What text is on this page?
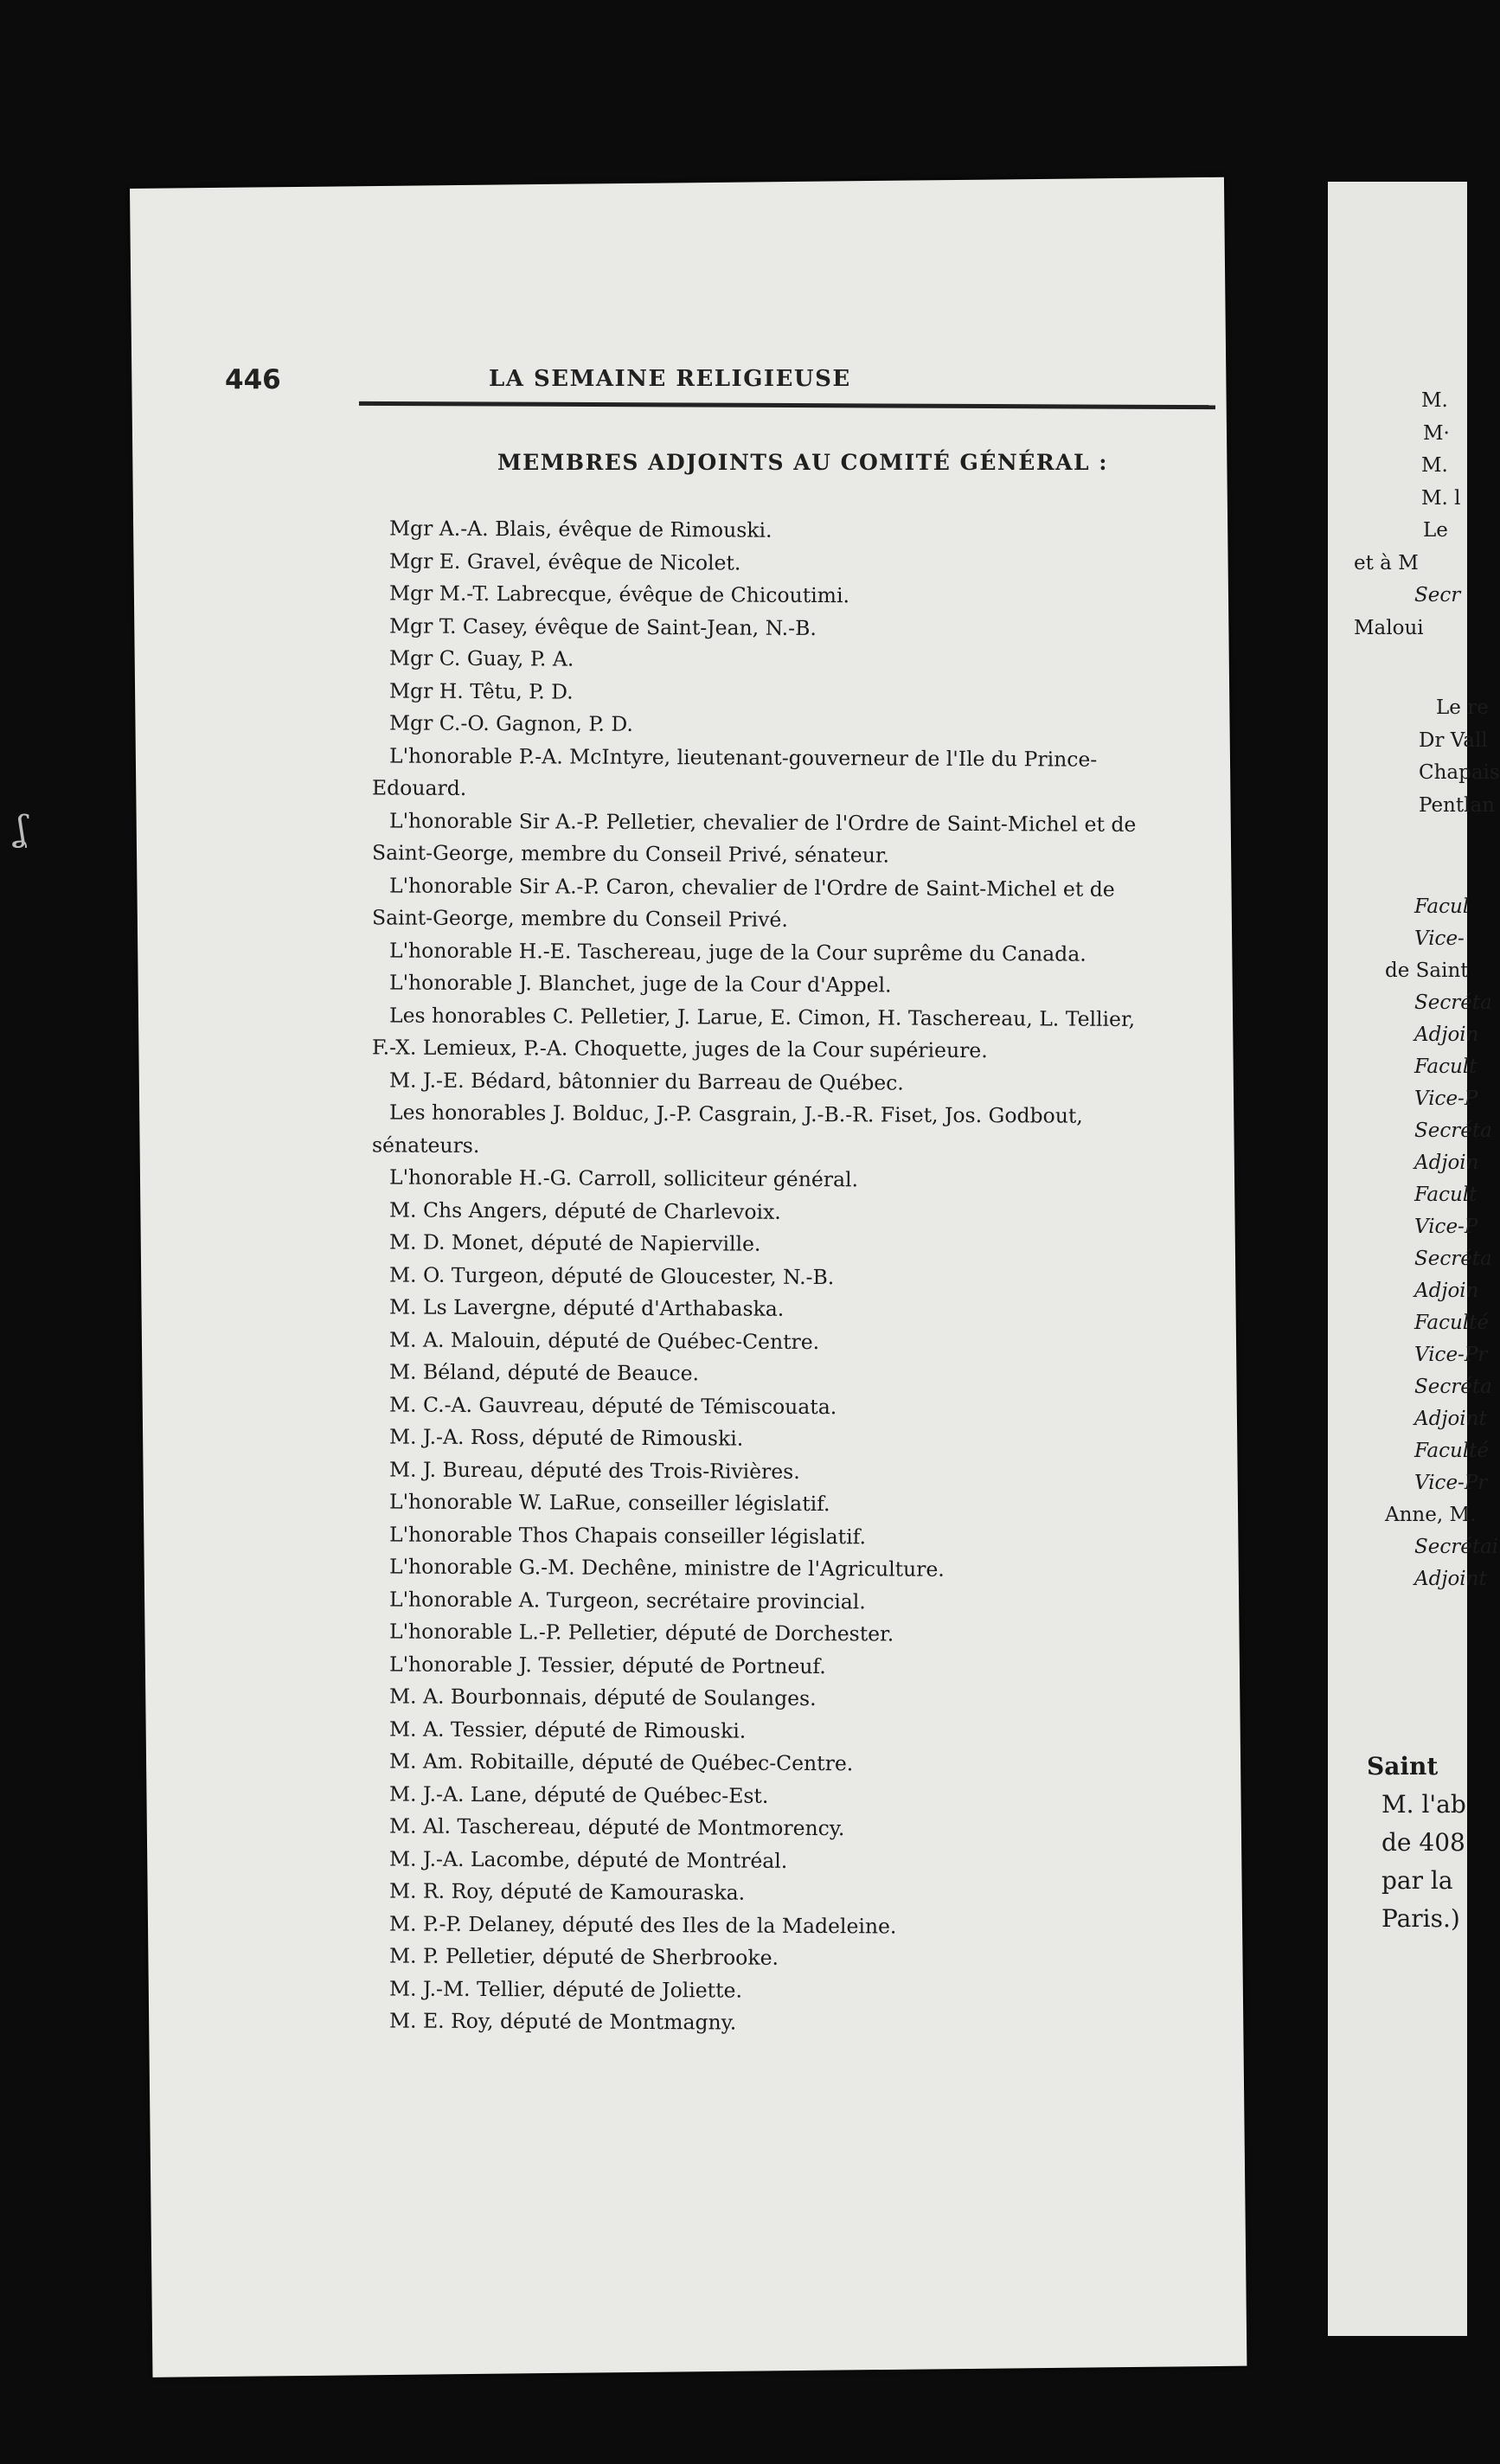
ʆ
446	LA SEMAINE RELIGIEUSE
MEMBRES ADJOINTS AU COMITÉ GÉNÉRAL :
Mgr A.-A. Blais, évêque de Rimouski.
Mgr E. Gravel, évêque de Nicolet.
Mgr M.-T. Labrecque, évêque de Chicoutimi.
Mgr T. Casey, évêque de Saint-Jean, N.-B.
Mgr C. Guay, P. A.
Mgr H. Têtu, P. D.
Mgr C.-O. Gagnon, P. D.
L'honorable P.-A. McIntyre, lieutenant-gouverneur de l'Ile du Prince-
Edouard.
L'honorable Sir A.-P. Pelletier, chevalier de l'Ordre de Saint-Michel et de
Saint-George, membre du Conseil Privé, sénateur.
L'honorable Sir A.-P. Caron, chevalier de l'Ordre de Saint-Michel et de
Saint-George, membre du Conseil Privé.
L'honorable H.-E. Taschereau, juge de la Cour suprême du Canada.
L'honorable J. Blanchet, juge de la Cour d'Appel.
Les honorables C. Pelletier, J. Larue, E. Cimon, H. Taschereau, L. Tellier,
F.-X. Lemieux, P.-A. Choquette, juges de la Cour supérieure.
M. J.-E. Bédard, bâtonnier du Barreau de Québec.
Les honorables J. Bolduc, J.-P. Casgrain, J.-B.-R. Fiset, Jos. Godbout,
sénateurs.
L'honorable H.-G. Carroll, solliciteur général.
M. Chs Angers, député de Charlevoix.
M. D. Monet, député de Napierville.
M. O. Turgeon, député de Gloucester, N.-B.
M. Ls Lavergne, député d'Arthabaska.
M. A. Malouin, député de Québec-Centre.
M. Béland, député de Beauce.
M. C.-A. Gauvreau, député de Témiscouata.
M. J.-A. Ross, député de Rimouski.
M. J. Bureau, député des Trois-Rivières.
L'honorable W. LaRue, conseiller législatif.
L'honorable Thos Chapais conseiller législatif.
L'honorable G.-M. Dechêne, ministre de l'Agriculture.
L'honorable A. Turgeon, secrétaire provincial.
L'honorable L.-P. Pelletier, député de Dorchester.
L'honorable J. Tessier, député de Portneuf.
M. A. Bourbonnais, député de Soulanges.
M. A. Tessier, député de Rimouski.
M. Am. Robitaille, député de Québec-Centre.
M. J.-A. Lane, député de Québec-Est.
M. Al. Taschereau, député de Montmorency.
M. J.-A. Lacombe, député de Montréal.
M. R. Roy, député de Kamouraska.
M. P.-P. Delaney, député des Iles de la Madeleine.
M. P. Pelletier, député de Sherbrooke.
M. J.-M. Tellier, député de Joliette.
M. E. Roy, député de Montmagny.
M.
M·
M.
M. l
Le
et à M
Secr
Maloui
Le re
Dr Vall
Chapais
Pentlan
Facul
Vice-
de Saint
Secréta
Adjoin
Facult
Vice-P
Secréta
Adjoin
Facult
Vice-P
Secréta
Adjoin
Faculté
Vice-Pr
Secréta
Adjoint
Faculté
Vice-Pr
Anne, M.
Secrétai
Adjoint
Saint
M. l'ab
de 408
par la
Paris.)
